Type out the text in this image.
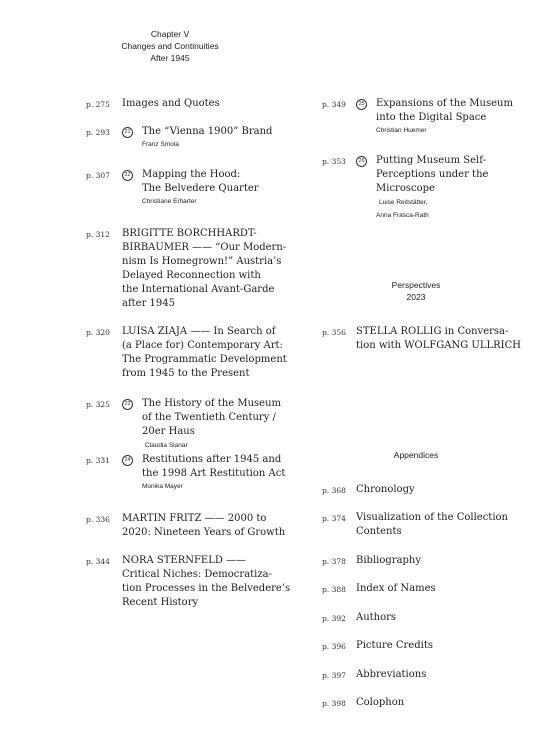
Chapter V
Changes and Continuities
After 1945
Perspectives
2023
Appendices
p. 275 Images and Quotes
p. 293	21 The “Vienna 1900” Brand
Franz Smola
p. 307	22 Mapping the Hood:
The Belvedere Quarter
Christiane Erharter
p. 312 BRIGITTE BORCHHARDT-
BIRBAUMER —— “Our Modern-
nism Is Homegrown!” Austria’s
Delayed Reconnection with
the International Avant-Garde
after 1945
p. 320 LUISA ZIAJA —— In Search of
(a Place for) Contemporary Art:
The Programmatic Development
from 1945 to the Present
p. 325	23 The History of the Museum
of the Twentieth Century /
20er Haus
Claudia Slanar
p. 331	24 Restitutions after 1945 and
the 1998 Art Restitution Act
Monika Mayer
p. 336 MARTIN FRITZ —— 2000 to
2020: Nineteen Years of Growth
p. 344 NORA STERNFELD ——
Critical Niches: Democratiza-
tion Processes in the Belvedere’s
Recent History
p. 349	25 Expansions of the Museum
into the Digital Space
Christian Huemer
p. 353	26 Putting Museum Self-
Perceptions under the
Microscope
Luise Reitstätter,
Anna Frasca-Rath
p. 356 STELLA ROLLIG in Conversa-
tion with WOLFGANG ULLRICH
p. 368 Chronology
p. 374 Visualization of the Collection
Contents
p. 378 Bibliography
p. 388 Index of Names
p. 392 Authors
p. 396 Picture Credits
p. 397 Abbreviations
p. 398 Colophon
